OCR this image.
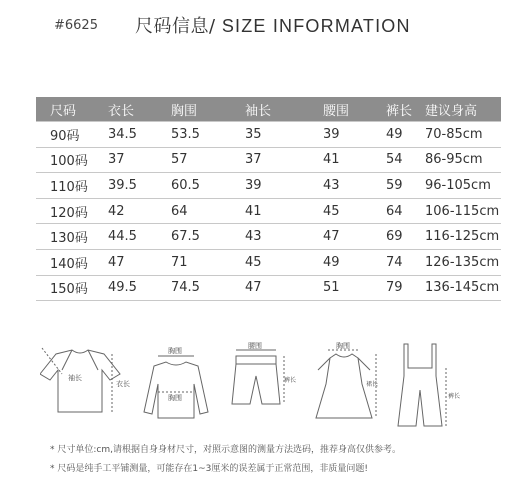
#6625 尺码信息/ SIZE INFORMATION
尺码	衣长	胸围	袖长	腰围	裤长	建议身高
90码	34.5	53.5	35	39	49	70-85cm
100码	37	57	37	41	54	86-95cm
110码	39.5	60.5	39	43	59	96-105cm
120码	42	64	41	45	64	106-115cm
130码	44.5	67.5	43	47	69	116-125cm
140码	47	71	45	49	74	126-135cm
150码	49.5	74.5	47	51	79	136-145cm
袖长
衣长
胸围
胸围
腰围
裤长
胸围
裙长
裤长
* 尺寸单位:cm,请根据自身身材尺寸，对照示意图的测量方法选码，推荐身高仅供参考。
* 尺码是纯手工平铺测量，可能存在1~3厘米的误差属于正常范围，非质量问题!
